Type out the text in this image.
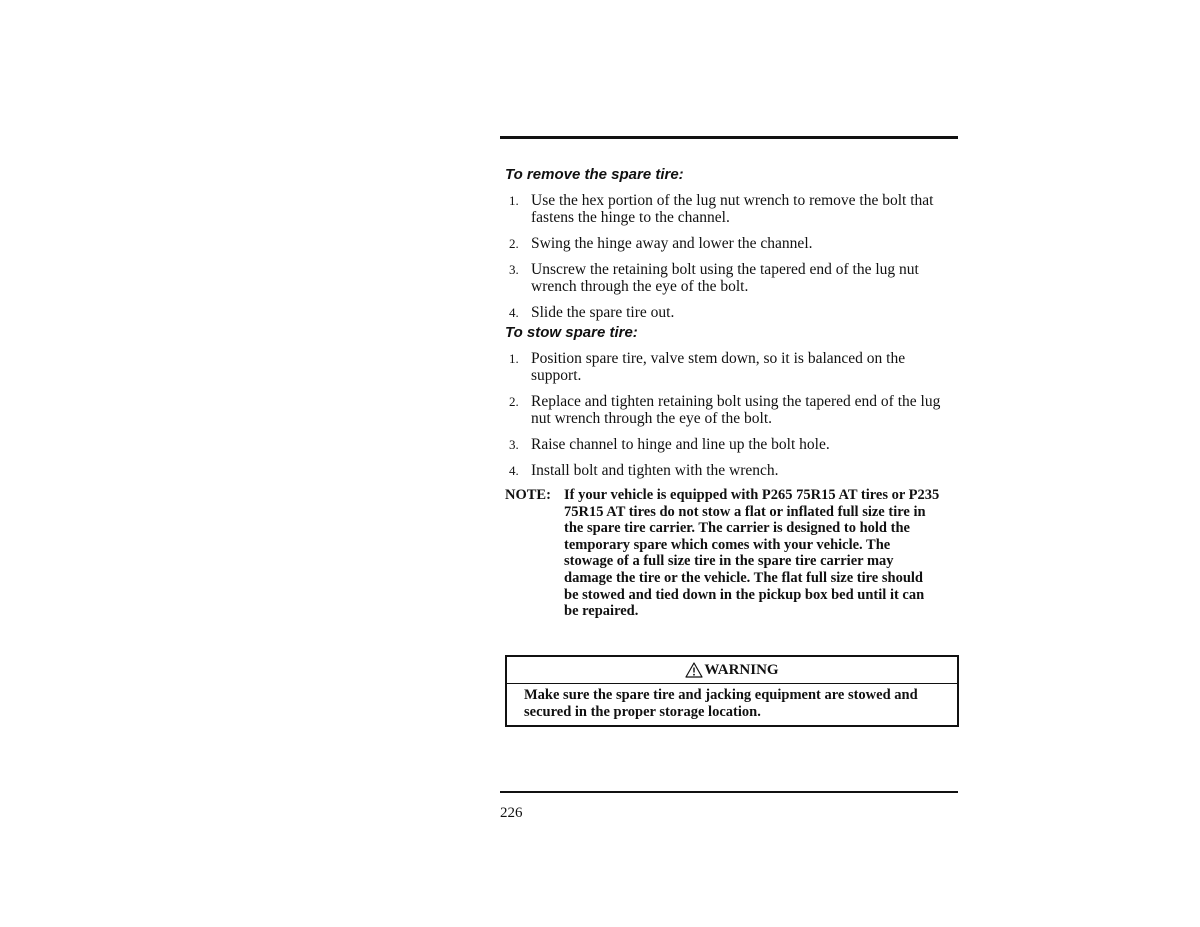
To remove the spare tire:
1. Use the hex portion of the lug nut wrench to remove the bolt that fastens the hinge to the channel.
2. Swing the hinge away and lower the channel.
3. Unscrew the retaining bolt using the tapered end of the lug nut wrench through the eye of the bolt.
4. Slide the spare tire out.
To stow spare tire:
1. Position spare tire, valve stem down, so it is balanced on the support.
2. Replace and tighten retaining bolt using the tapered end of the lug nut wrench through the eye of the bolt.
3. Raise channel to hinge and line up the bolt hole.
4. Install bolt and tighten with the wrench.
NOTE: If your vehicle is equipped with P265 75R15 AT tires or P235 75R15 AT tires do not stow a flat or inflated full size tire in the spare tire carrier. The carrier is designed to hold the temporary spare which comes with your vehicle. The stowage of a full size tire in the spare tire carrier may damage the tire or the vehicle. The flat full size tire should be stowed and tied down in the pickup box bed until it can be repaired.
WARNING
Make sure the spare tire and jacking equipment are stowed and secured in the proper storage location.
226
